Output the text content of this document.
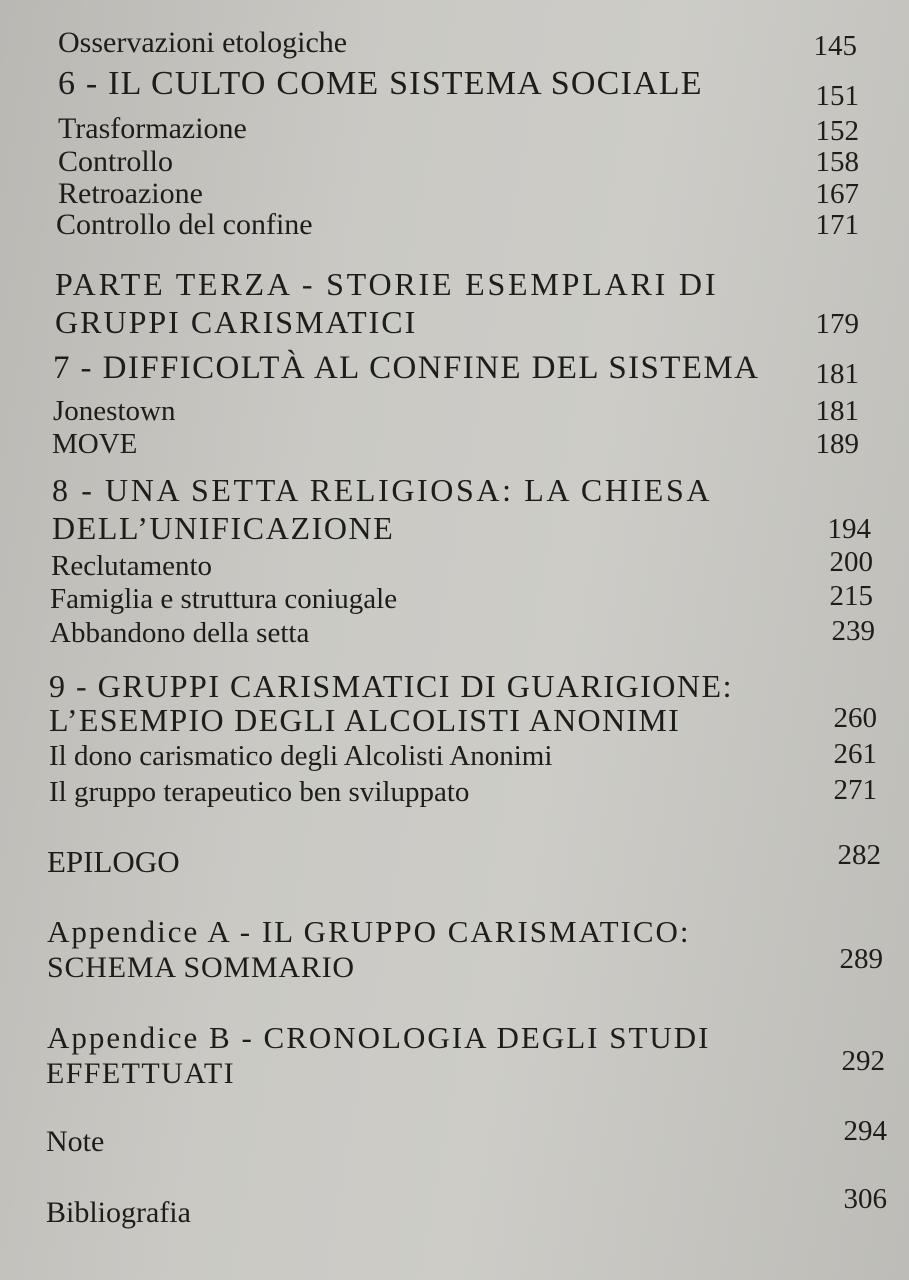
Osservazioni etologiche	145
6 - IL CULTO COME SISTEMA SOCIALE	151
Trasformazione	152
Controllo	158
Retroazione	167
Controllo del confine	171
PARTE TERZA - STORIE ESEMPLARI DI
GRUPPI CARISMATICI	179
7 - DIFFICOLTÀ AL CONFINE DEL SISTEMA 181
Jonestown	181
MOVE	189
8 - UNA SETTA RELIGIOSA: LA CHIESA
DELL’UNIFICAZIONE	194
Reclutamento	200
Famiglia e struttura coniugale	215
Abbandono della setta	239
9 - GRUPPI CARISMATICI DI GUARIGIONE:
L’ESEMPIO DEGLI ALCOLISTI ANONIMI	260
Il dono carismatico degli Alcolisti Anonimi	261
Il gruppo terapeutico ben sviluppato	271
EPILOGO	282
Appendice A - IL GRUPPO CARISMATICO:
SCHEMA SOMMARIO	289
Appendice B - CRONOLOGIA DEGLI STUDI
EFFETTUATI	292
Note	294
Bibliografia	306
